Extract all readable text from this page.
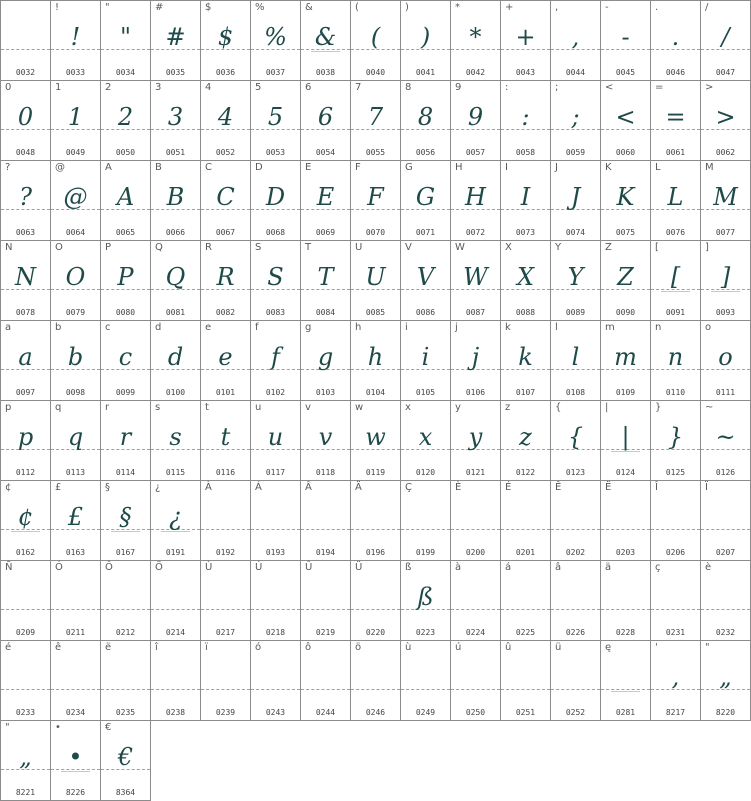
0032
!
!
0033
"
"
0034
#
#
0035
$
$
0036
%
%
0037
&
&
0038
(
(
0040
)
)
0041
*
*
0042
+
+
0043
,
,
0044
-
-
0045
.
.
0046
/
/
0047
0
0
0048
1
1
0049
2
2
0050
3
3
0051
4
4
0052
5
5
0053
6
6
0054
7
7
0055
8
8
0056
9
9
0057
:
:
0058
;
;
0059
<
<
0060
=
=
0061
>
>
0062
?
?
0063
@
@
0064
A
A
0065
B
B
0066
C
C
0067
D
D
0068
E
E
0069
F
F
0070
G
G
0071
H
H
0072
I
I
0073
J
J
0074
K
K
0075
L
L
0076
M
M
0077
N
N
0078
O
O
0079
P
P
0080
Q
Q
0081
R
R
0082
S
S
0083
T
T
0084
U
U
0085
V
V
0086
W
W
0087
X
X
0088
Y
Y
0089
Z
Z
0090
[
[
0091
]
]
0093
a
a
0097
b
b
0098
c
c
0099
d
d
0100
e
e
0101
f
f
0102
g
g
0103
h
h
0104
i
i
0105
j
j
0106
k
k
0107
l
l
0108
m
m
0109
n
n
0110
o
o
0111
p
p
0112
q
q
0113
r
r
0114
s
s
0115
t
t
0116
u
u
0117
v
v
0118
w
w
0119
x
x
0120
y
y
0121
z
z
0122
{
{
0123
|
|
0124
}
}
0125
~
~
0126
¢
¢
0162
£
£
0163
§
§
0167
¿
¿
0191
À
0192
Á
0193
Â
0194
Ä
0196
Ç
0199
È
0200
É
0201
Ê
0202
Ë
0203
Î
0206
Ï
0207
Ñ
0209
Ó
0211
Ô
0212
Ö
0214
Ù
0217
Ú
0218
Û
0219
Ü
0220
ß
ß
0223
à
0224
á
0225
â
0226
ä
0228
ç
0231
è
0232
é
0233
ê
0234
ë
0235
î
0238
ï
0239
ó
0243
ô
0244
ö
0246
ù
0249
ú
0250
û
0251
ü
0252
ę
0281
'
,
8217
"
„
8220
"
„
8221
•
•
8226
€
€
8364
